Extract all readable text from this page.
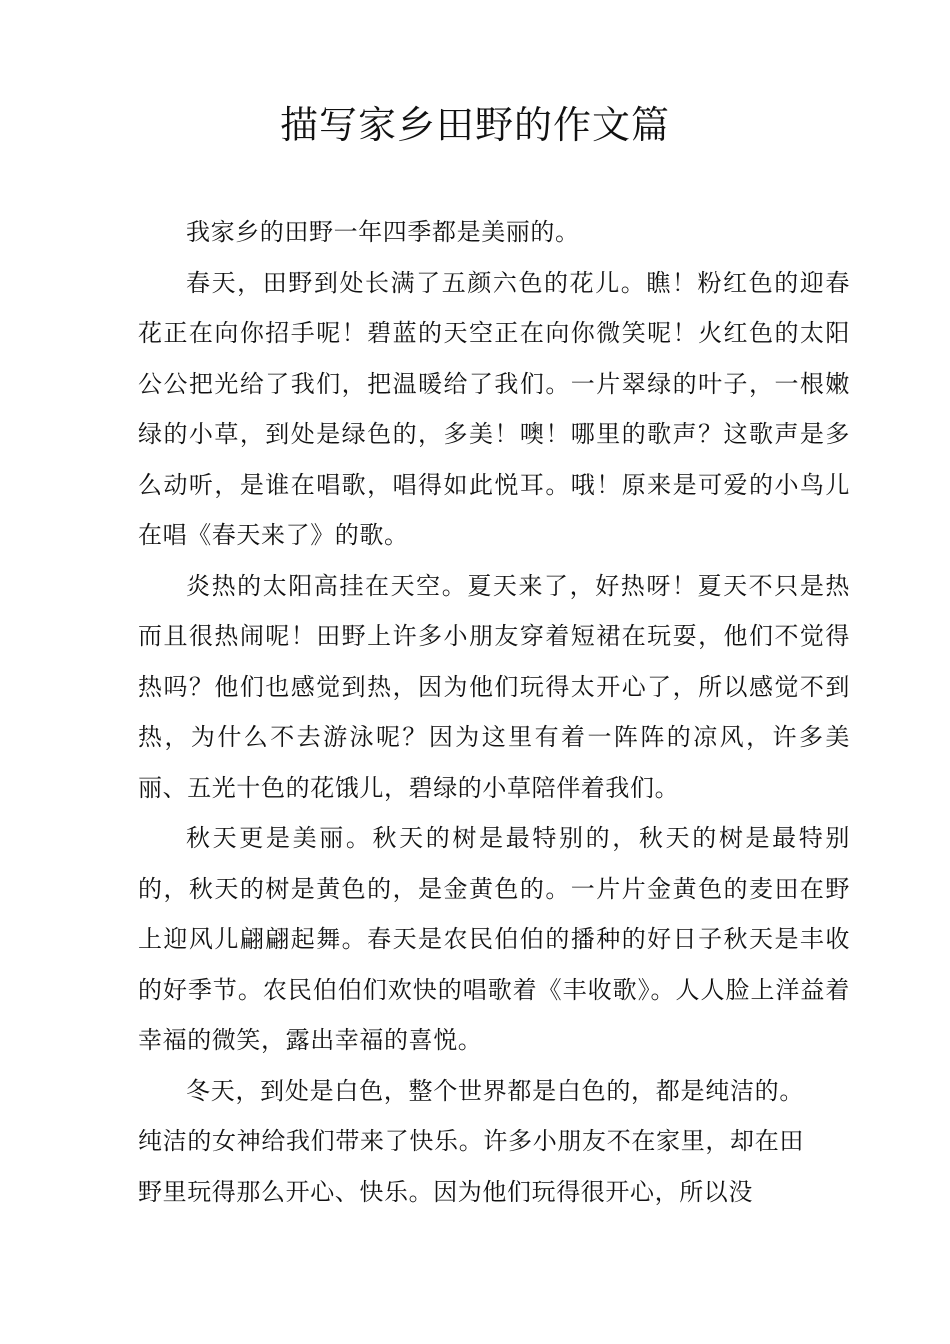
描写家乡田野的作文篇

我家乡的田野一年四季都是美丽的。

春天，田野到处长满了五颜六色的花儿。瞧！粉红色的迎春花正在向你招手呢！碧蓝的天空正在向你微笑呢！火红色的太阳公公把光给了我们，把温暖给了我们。一片翠绿的叶子，一根嫩绿的小草，到处是绿色的，多美！噢！哪里的歌声？这歌声是多么动听，是谁在唱歌，唱得如此悦耳。哦！原来是可爱的小鸟儿在唱《春天来了》的歌。

炎热的太阳高挂在天空。夏天来了，好热呀！夏天不只是热而且很热闹呢！田野上许多小朋友穿着短裙在玩耍，他们不觉得热吗？他们也感觉到热，因为他们玩得太开心了，所以感觉不到热，为什么不去游泳呢？因为这里有着一阵阵的凉风，许多美丽、五光十色的花饿儿，碧绿的小草陪伴着我们。

秋天更是美丽。秋天的树是最特别的，秋天的树是最特别的，秋天的树是黄色的，是金黄色的。一片片金黄色的麦田在野上迎风儿翩翩起舞。春天是农民伯伯的播种的好日子秋天是丰收的好季节。农民伯伯们欢快的唱歌着《丰收歌》。人人脸上洋益着幸福的微笑，露出幸福的喜悦。

冬天，到处是白色，整个世界都是白色的，都是纯洁的。纯洁的女神给我们带来了快乐。许多小朋友不在家里，却在田野里玩得那么开心、快乐。因为他们玩得很开心，所以没
